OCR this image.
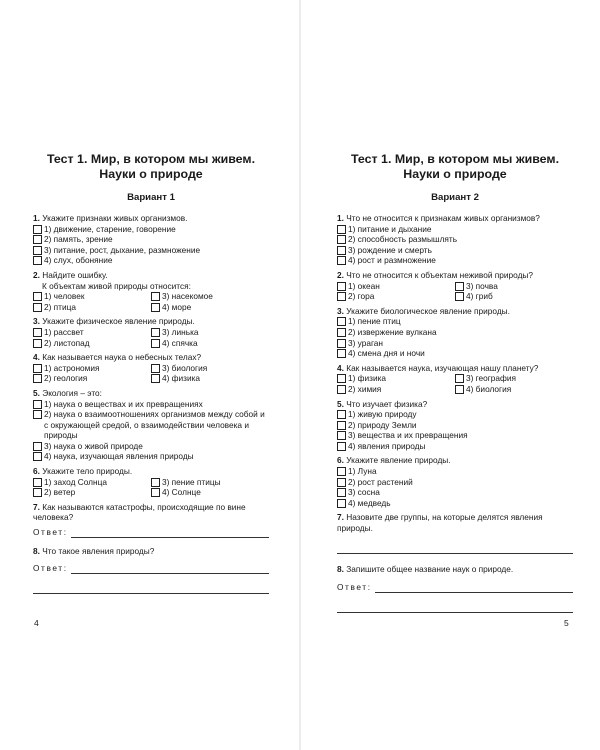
Тест 1. Мир, в котором мы живем.
Науки о природе

Вариант 1
1. Укажите признаки живых организмов.
1) движение, старение, говорение
2) память, зрение
3) питание, рост, дыхание, размножение
4) слух, обоняние
2. Найдите ошибку.
К объектам живой природы относится:
1) человек	3) насекомое
2) птица	4) море
3. Укажите физическое явление природы.
1) рассвет	3) линька
2) листопад	4) спячка
4. Как называется наука о небесных телах?
1) астрономия	3) биология
2) геология	4) физика
5. Экология – это:
1) наука о веществах и их превращениях
2) наука о взаимоотношениях организмов между собой и с окружающей средой, о взаимодействии человека и природы
3) наука о живой природе
4) наука, изучающая явления природы
6. Укажите тело природы.
1) заход Солнца	3) пение птицы
2) ветер	4) Солнце
7. Как называются катастрофы, происходящие по вине человека?
Ответ:
8. Что такое явления природы?
Ответ:
4

Тест 1. Мир, в котором мы живем.
Науки о природе

Вариант 2
1. Что не относится к признакам живых организмов?
1) питание и дыхание
2) способность размышлять
3) рождение и смерть
4) рост и размножение
2. Что не относится к объектам неживой природы?
1) океан	3) почва
2) гора	4) гриб
3. Укажите биологическое явление природы.
1) пение птиц
2) извержение вулкана
3) ураган
4) смена дня и ночи
4. Как называется наука, изучающая нашу планету?
1) физика	3) география
2) химия	4) биология
5. Что изучает физика?
1) живую природу
2) природу Земли
3) вещества и их превращения
4) явления природы
6. Укажите явление природы.
1) Луна
2) рост растений
3) сосна
4) медведь
7. Назовите две группы, на которые делятся явления природы.
8. Запишите общее название наук о природе.
Ответ:
5
